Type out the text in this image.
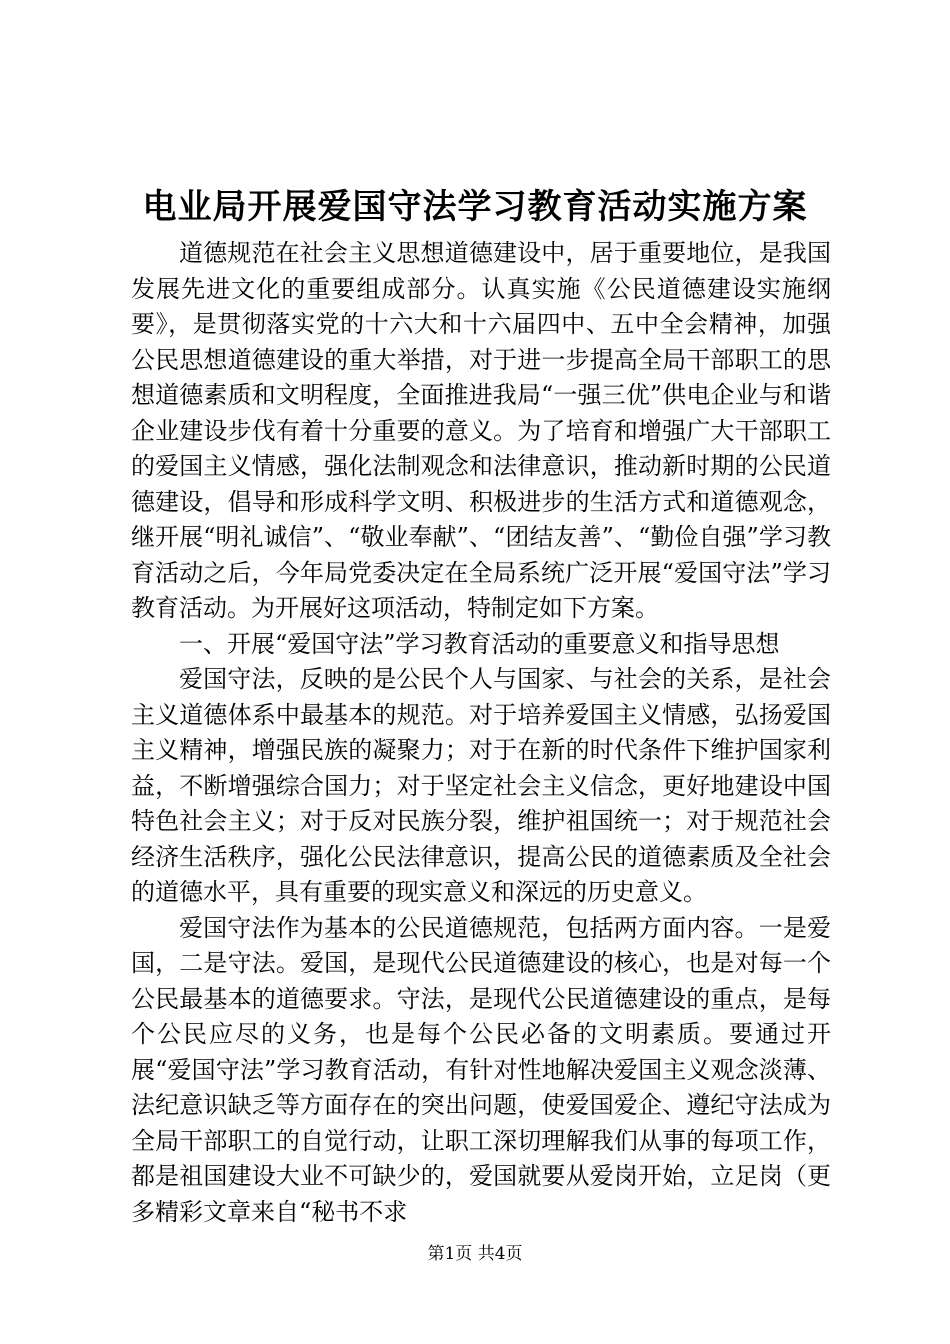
电业局开展爱国守法学习教育活动实施方案

道德规范在社会主义思想道德建设中，居于重要地位，是我国发展先进文化的重要组成部分。认真实施《公民道德建设实施纲要》，是贯彻落实党的十六大和十六届四中、五中全会精神，加强公民思想道德建设的重大举措，对于进一步提高全局干部职工的思想道德素质和文明程度，全面推进我局“一强三优”供电企业与和谐企业建设步伐有着十分重要的意义。为了培育和增强广大干部职工的爱国主义情感，强化法制观念和法律意识，推动新时期的公民道德建设，倡导和形成科学文明、积极进步的生活方式和道德观念，继开展“明礼诚信”、“敬业奉献”、“团结友善”、“勤俭自强”学习教育活动之后，今年局党委决定在全局系统广泛开展“爱国守法”学习教育活动。为开展好这项活动，特制定如下方案。

一、开展“爱国守法”学习教育活动的重要意义和指导思想

爱国守法，反映的是公民个人与国家、与社会的关系，是社会主义道德体系中最基本的规范。对于培养爱国主义情感，弘扬爱国主义精神，增强民族的凝聚力；对于在新的时代条件下维护国家利益，不断增强综合国力；对于坚定社会主义信念，更好地建设中国特色社会主义；对于反对民族分裂，维护祖国统一；对于规范社会经济生活秩序，强化公民法律意识，提高公民的道德素质及全社会的道德水平，具有重要的现实意义和深远的历史意义。

爱国守法作为基本的公民道德规范，包括两方面内容。一是爱国，二是守法。爱国，是现代公民道德建设的核心，也是对每一个公民最基本的道德要求。守法，是现代公民道德建设的重点，是每个公民应尽的义务，也是每个公民必备的文明素质。要通过开展“爱国守法”学习教育活动，有针对性地解决爱国主义观念淡薄、法纪意识缺乏等方面存在的突出问题，使爱国爱企、遵纪守法成为全局干部职工的自觉行动，让职工深切理解我们从事的每项工作，都是祖国建设大业不可缺少的，爱国就要从爱岗开始，立足岗（更多精彩文章来自“秘书不求

第1页 共4页
